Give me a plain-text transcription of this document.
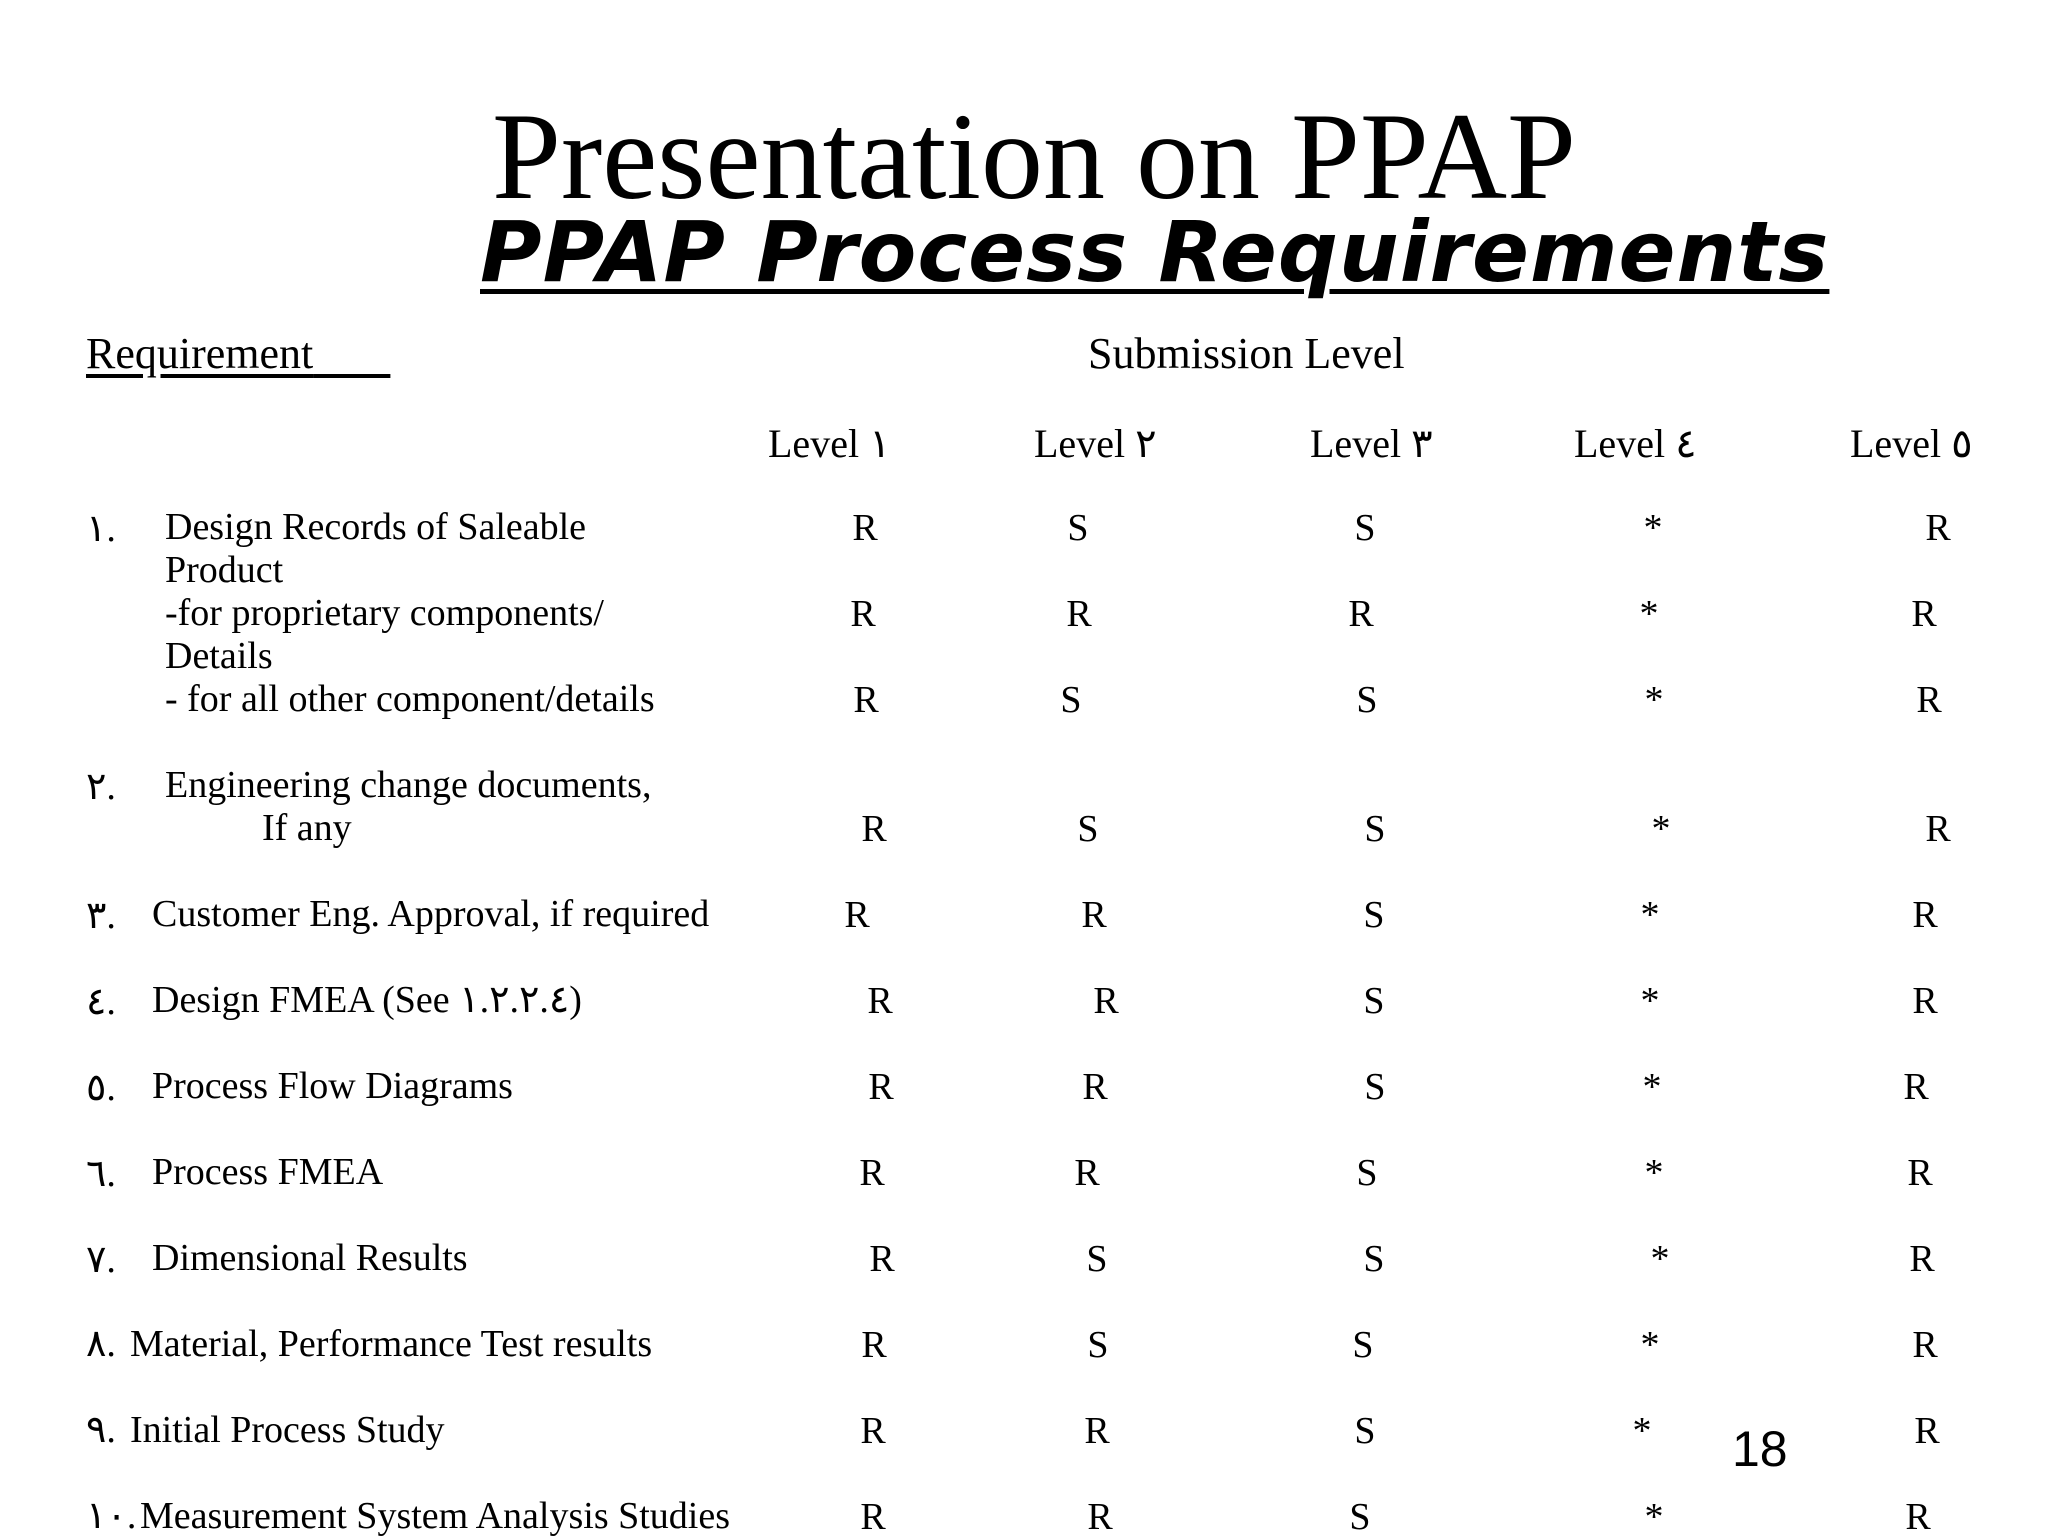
Presentation on PPAP
PPAP Process Requirements
Requirement	Submission Level
Level ١	Level ٢	Level ٣	Level ٤	Level ٥
١. Design Records of Saleable
Product
R	S	S	*	R
-for proprietary components/
Details
R	R	R	*	R
- for all other component/details	R	S	S	*	R
٢. Engineering change documents,
If any	R	S	S	*	R
٣. Customer Eng. Approval, if required	R	R	S	*	R
٤. Design FMEA (See ١.٢.٢.٤)	R	R	S	*	R
٥. Process Flow Diagrams	R	R	S	*	R
٦. Process FMEA	R	R	S	*	R
٧. Dimensional Results	R	S	S	*	R
٨. Material, Performance Test results	R	S	S	*	R
٩. Initial Process Study	R	R	S	*	R
١٠. Measurement System Analysis Studies	R	R	S	*	R
18
